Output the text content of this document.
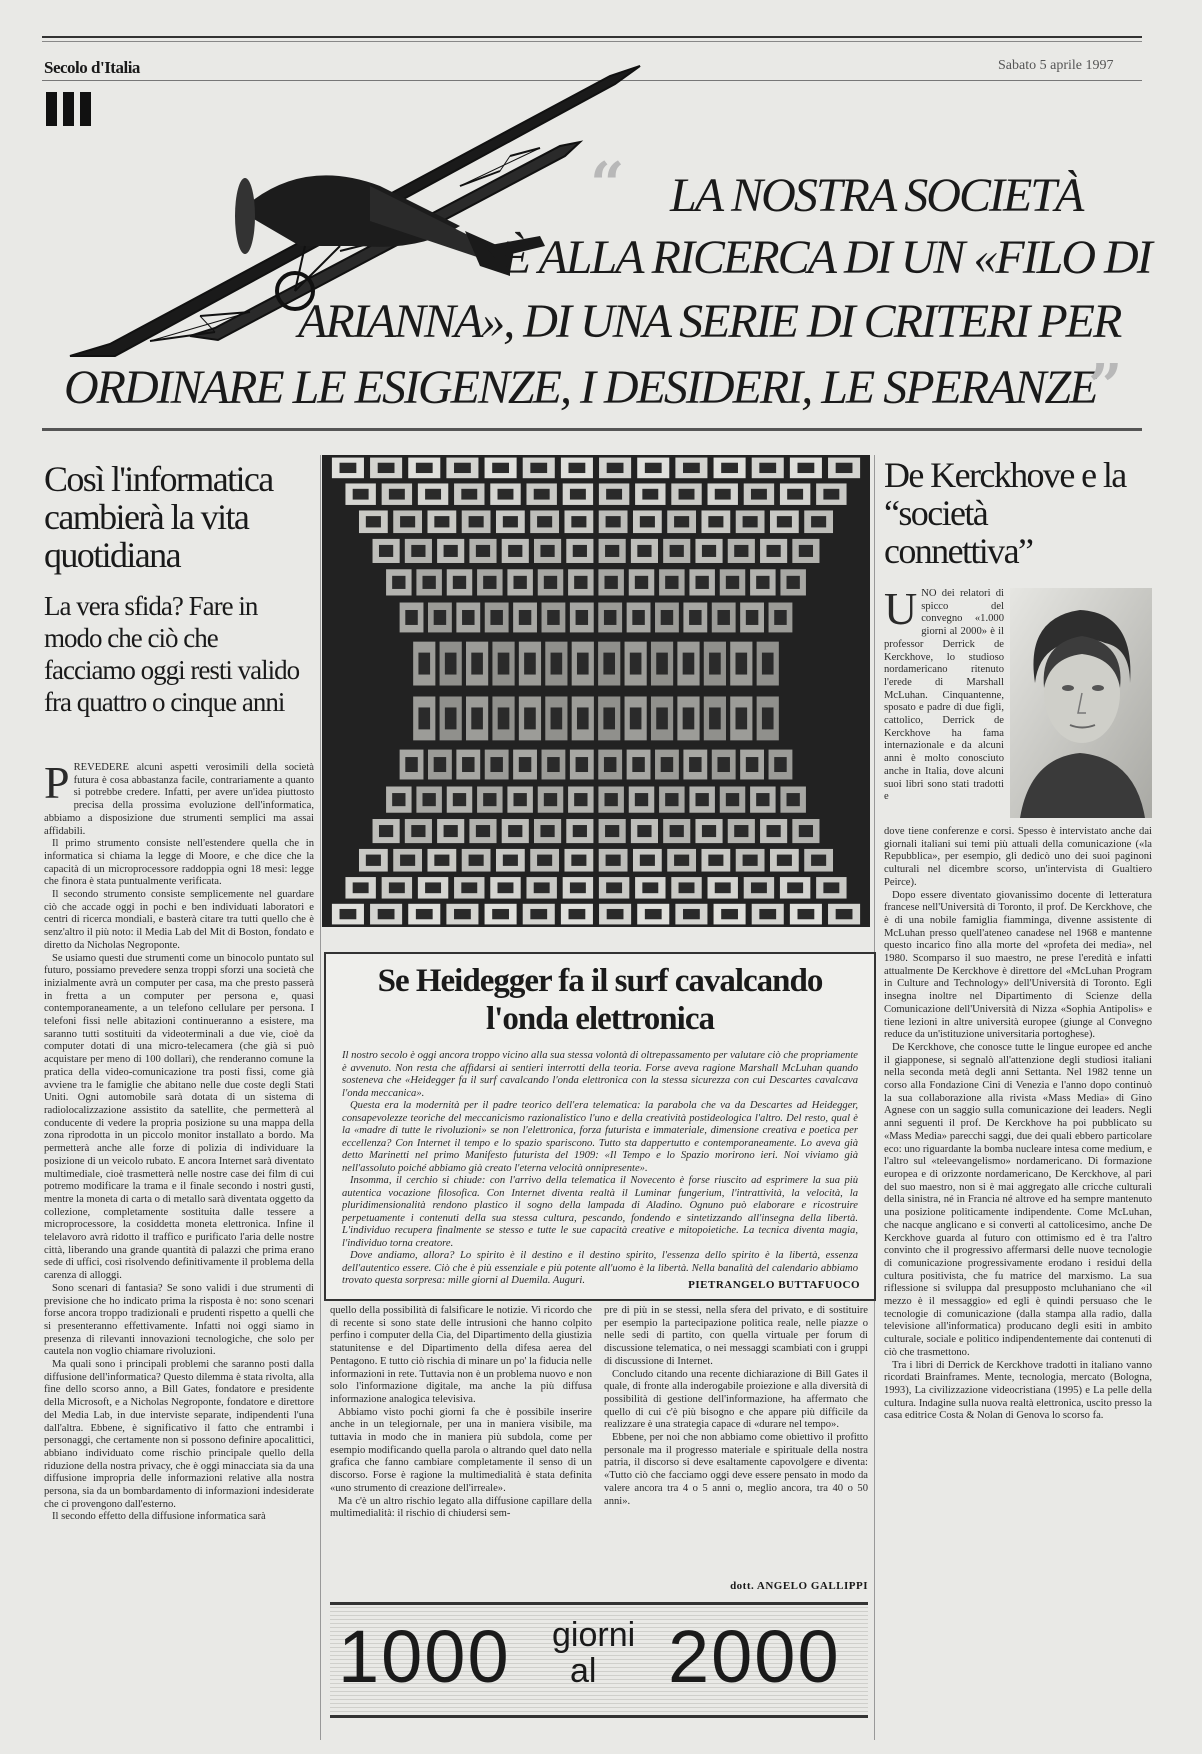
Secolo d'Italia	Sabato 5 aprile 1997
“ LA NOSTRA SOCIETÀ
È ALLA RICERCA DI UN «FILO DI
ARIANNA», DI UNA SERIE DI CRITERI PER
ORDINARE LE ESIGENZE, I DESIDERI, LE SPERANZE
”
Così l'informatica cambierà la vita quotidiana
La vera sfida? Fare in modo che ciò che facciamo oggi resti valido fra quattro o cinque anni
P REVEDERE alcuni aspetti verosimili della società futura è cosa abbastanza facile, contrariamente a quanto si potrebbe credere. Infatti, per avere un'idea piuttosto precisa della prossima evoluzione dell'informatica, abbiamo a disposizione due strumenti semplici ma assai affidabili.

Il primo strumento consiste nell'estendere quella che in informatica si chiama la legge di Moore, e che dice che la capacità di un microprocessore raddoppia ogni 18 mesi: legge che finora è stata puntualmente verificata.

Il secondo strumento consiste semplicemente nel guardare ciò che accade oggi in pochi e ben individuati laboratori e centri di ricerca mondiali, e basterà citare tra tutti quello che è senz'altro il più noto: il Media Lab del Mit di Boston, fondato e diretto da Nicholas Negroponte.

Se usiamo questi due strumenti come un binocolo puntato sul futuro, possiamo prevedere senza troppi sforzi una società che inizialmente avrà un computer per casa, ma che presto passerà in fretta a un computer per persona e, quasi contemporaneamente, a un telefono cellulare per persona. I telefoni fissi nelle abitazioni continueranno a esistere, ma saranno tutti sostituiti da videoterminali a due vie, cioè da computer dotati di una micro-telecamera (che già si può acquistare per meno di 100 dollari), che renderanno comune la pratica della video-comunicazione tra posti fissi, come già avviene tra le famiglie che abitano nelle due coste degli Stati Uniti. Ogni automobile sarà dotata di un sistema di radiolocalizzazione assistito da satellite, che permetterà al conducente di vedere la propria posizione su una mappa della zona riprodotta in un piccolo monitor installato a bordo. Ma permetterà anche alle forze di polizia di individuare la posizione di un veicolo rubato. E ancora Internet sarà diventato multimediale, cioè trasmetterà nelle nostre case dei film di cui potremo modificare la trama e il finale secondo i nostri gusti, mentre la moneta di carta o di metallo sarà diventata oggetto da collezione, completamente sostituita dalle tessere a microprocessore, la cosiddetta moneta elettronica. Infine il telelavoro avrà ridotto il traffico e purificato l'aria delle nostre città, liberando una grande quantità di palazzi che prima erano sede di uffici, così risolvendo definitivamente il problema della carenza di alloggi.

Sono scenari di fantasia? Se sono validi i due strumenti di previsione che ho indicato prima la risposta è no: sono scenari forse ancora troppo tradizionali e prudenti rispetto a quelli che si presenteranno effettivamente. Infatti noi oggi siamo in presenza di rilevanti innovazioni tecnologiche, che solo per cautela non voglio chiamare rivoluzioni.

Ma quali sono i principali problemi che saranno posti dalla diffusione dell'informatica? Questo dilemma è stata rivolta, alla fine dello scorso anno, a Bill Gates, fondatore e presidente della Microsoft, e a Nicholas Negroponte, fondatore e direttore del Media Lab, in due interviste separate, indipendenti l'una dall'altra. Ebbene, è significativo il fatto che entrambi i personaggi, che certamente non si possono definire apocalittici, abbiano individuato come rischio principale quello della riduzione della nostra privacy, che è oggi minacciata sia da una diffusione impropria delle informazioni relative alla nostra persona, sia da un bombardamento di informazioni indesiderate che ci provengono dall'esterno.

Il secondo effetto della diffusione informatica sarà

Se Heidegger fa il surf cavalcando l'onda elettronica

Il nostro secolo è oggi ancora troppo vicino alla sua stessa volontà di oltrepassamento per valutare ciò che propriamente è avvenuto. Non resta che affidarsi ai sentieri interrotti della teoria. Forse aveva ragione Marshall McLuhan quando sosteneva che «Heidegger fa il surf cavalcando l'onda elettronica con la stessa sicurezza con cui Descartes cavalcava l'onda meccanica».

Questa era la modernità per il padre teorico dell'era telematica: la parabola che va da Descartes ad Heidegger, consapevolezze teoriche del meccanicismo razionalistico l'uno e della creatività postideologica l'altro. Del resto, qual è la «madre di tutte le rivoluzioni» se non l'elettronica, forza futurista e immateriale, dimensione creativa e poetica per eccellenza? Con Internet il tempo e lo spazio spariscono. Tutto sta dappertutto e contemporaneamente. Lo aveva già detto Marinetti nel primo Manifesto futurista del 1909: «Il Tempo e lo Spazio morirono ieri. Noi viviamo già nell'assoluto poiché abbiamo già creato l'eterna velocità onnipresente».

Insomma, il cerchio si chiude: con l'arrivo della telematica il Novecento è forse riuscito ad esprimere la sua più autentica vocazione filosofica. Con Internet diventa realtà il Luminar fungerium, l'intrattività, la velocità, la pluridimensionalità rendono plastico il sogno della lampada di Aladino. Ognuno può elaborare e ricostruire perpetuamente i contenuti della sua stessa cultura, pescando, fondendo e sintetizzando all'insegna della libertà. L'individuo recupera finalmente se stesso e tutte le sue capacità creative e mitopoietiche. La tecnica diventa magia, l'individuo torna creatore.

Dove andiamo, allora? Lo spirito è il destino e il destino spirito, l'essenza dello spirito è la libertà, essenza dell'autentico essere. Ciò che è più essenziale e più potente all'uomo è la libertà. Nella banalità del calendario abbiamo trovato questa sorpresa: mille giorni al Duemila. Auguri.	PIETRANGELO BUTTAFUOCO

quello della possibilità di falsificare le notizie. Vi ricordo che di recente si sono state delle intrusioni che hanno colpito perfino i computer della Cia, del Dipartimento della giustizia statunitense e del Dipartimento della difesa aerea del Pentagono. E tutto ciò rischia di minare un po' la fiducia nelle informazioni in rete. Tuttavia non è un problema nuovo e non solo l'informazione digitale, ma anche la più diffusa informazione analogica televisiva.

Abbiamo visto pochi giorni fa che è possibile inserire anche in un telegiornale, per una in maniera visibile, ma tuttavia in modo che in maniera più subdola, come per esempio modificando quella parola o altrando quel dato nella grafica che fanno cambiare completamente il senso di un discorso. Forse è ragione la multimedialità è stata definita «uno strumento di creazione dell'irreale».

Ma c'è un altro rischio legato alla diffusione capillare della multimedialità: il rischio di chiudersi sem-

pre di più in se stessi, nella sfera del privato, e di sostituire per esempio la partecipazione politica reale, nelle piazze o nelle sedi di partito, con quella virtuale per forum di discussione telematica, o nei messaggi scambiati con i gruppi di discussione di Internet.

Concludo citando una recente dichiarazione di Bill Gates il quale, di fronte alla inderogabile proiezione e alla diversità di possibilità di gestione dell'informazione, ha affermato che quello di cui c'è più bisogno e che appare più difficile da realizzare è una strategia capace di «durare nel tempo».

Ebbene, per noi che non abbiamo come obiettivo il profitto personale ma il progresso materiale e spirituale della nostra patria, il discorso si deve esaltamente capovolgere e diventa: «Tutto ciò che facciamo oggi deve essere pensato in modo da valere ancora tra 4 o 5 anni o, meglio ancora, tra 40 o 50 anni».

dott. ANGELO GALLIPPI
1000 giorni
al 2000
De Kerckhove e la “società connettiva”
U NO dei relatori di spicco del convegno «1.000 giorni al 2000» è il professor Derrick de Kerckhove, lo studioso nordamericano ritenuto l'erede di Marshall McLuhan. Cinquantenne, sposato e padre di due figli, cattolico, Derrick de Kerckhove ha fama internazionale e da alcuni anni è molto conosciuto anche in Italia, dove alcuni suoi libri sono stati tradotti e

dove tiene conferenze e corsi. Spesso è intervistato anche dai giornali italiani sui temi più attuali della comunicazione («la Repubblica», per esempio, gli dedicò uno dei suoi paginoni culturali nel dicembre scorso, un'intervista di Gualtiero Peirce).

Dopo essere diventato giovanissimo docente di letteratura francese nell'Università di Toronto, il prof. De Kerckhove, che è di una nobile famiglia fiamminga, divenne assistente di McLuhan presso quell'ateneo canadese nel 1968 e mantenne questo incarico fino alla morte del «profeta dei media», nel 1980. Scomparso il suo maestro, ne prese l'eredità e infatti attualmente De Kerckhove è direttore del «McLuhan Program in Culture and Technology» dell'Università di Toronto. Egli insegna inoltre nel Dipartimento di Scienze della Comunicazione dell'Università di Nizza «Sophia Antipolis» e tiene lezioni in altre università europee (giunge al Convegno reduce da un'istituzione universitaria portoghese).

De Kerckhove, che conosce tutte le lingue europee ed anche il giapponese, si segnalò all'attenzione degli studiosi italiani nella seconda metà degli anni Settanta. Nel 1982 tenne un corso alla Fondazione Cini di Venezia e l'anno dopo continuò la sua collaborazione alla rivista «Mass Media» di Gino Agnese con un saggio sulla comunicazione dei leaders. Negli anni seguenti il prof. De Kerckhove ha poi pubblicato su «Mass Media» parecchi saggi, due dei quali ebbero particolare eco: uno riguardante la bomba nucleare intesa come medium, e l'altro sul «teleevangelismo» nordamericano. Di formazione europea e di orizzonte nordamericano, De Kerckhove, al pari del suo maestro, non si è mai aggregato alle cricche culturali della sinistra, né in Francia né altrove ed ha sempre mantenuto una posizione politicamente indipendente. Come McLuhan, che nacque anglicano e si convertì al cattolicesimo, anche De Kerckhove guarda al futuro con ottimismo ed è tra l'altro convinto che il progressivo affermarsi delle nuove tecnologie di comunicazione progressivamente erodano i residui della cultura positivista, che fu matrice del marxismo. La sua riflessione si sviluppa dal presupposto mcluhaniano che «il mezzo è il messaggio» ed egli è quindi persuaso che le tecnologie di comunicazione (dalla stampa alla radio, dalla televisione all'informatica) producano degli esiti in ambito culturale, sociale e politico indipendentemente dai contenuti di ciò che trasmettono.

Tra i libri di Derrick de Kerckhove tradotti in italiano vanno ricordati Brainframes. Mente, tecnologia, mercato (Bologna, 1993), La civilizzazione videocristiana (1995) e La pelle della cultura. Indagine sulla nuova realtà elettronica, uscito presso la casa editrice Costa & Nolan di Genova lo scorso fa.
